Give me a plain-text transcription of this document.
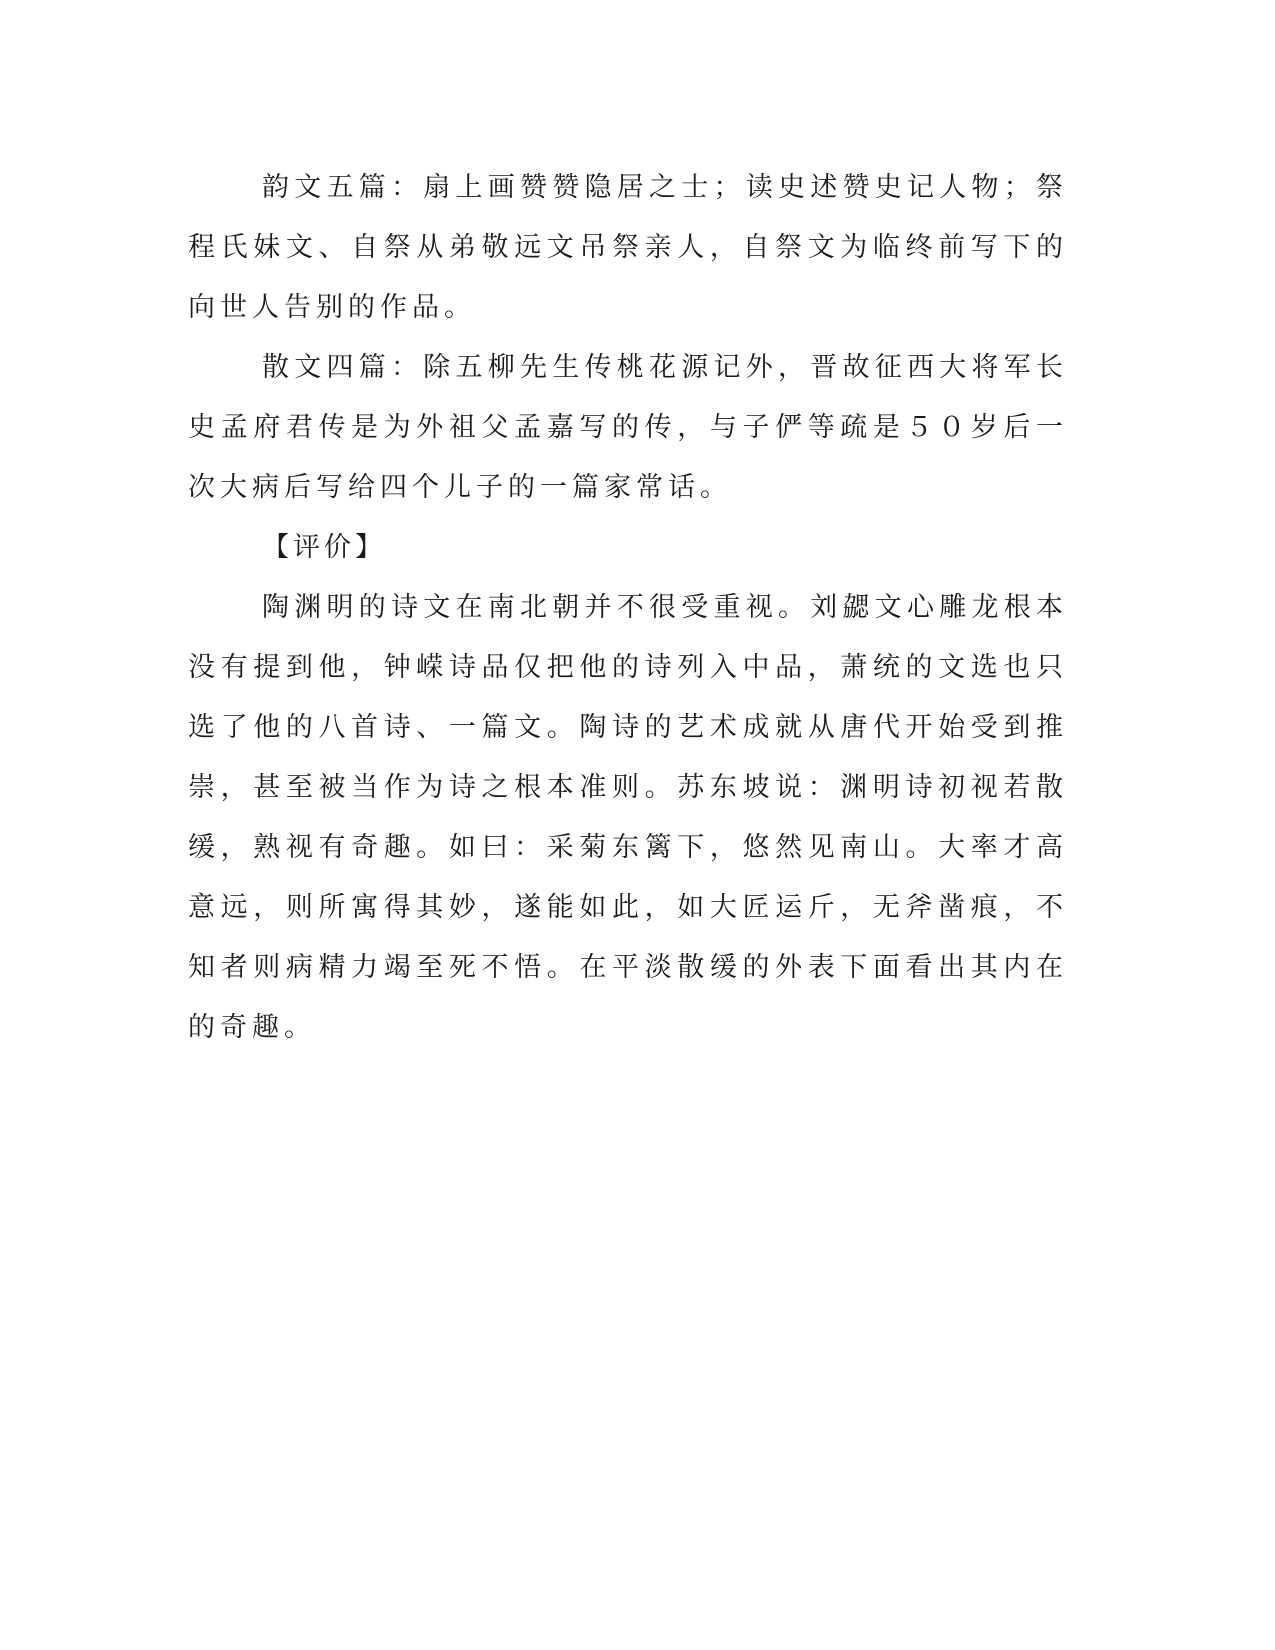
韵文五篇：扇上画赞赞隐居之士；读史述赞史记人物；祭程氏妹文、自祭从弟敬远文吊祭亲人，自祭文为临终前写下的向世人告别的作品。

散文四篇：除五柳先生传桃花源记外，晋故征西大将军长史孟府君传是为外祖父孟嘉写的传，与子俨等疏是５０岁后一次大病后写给四个儿子的一篇家常话。

【评价】

陶渊明的诗文在南北朝并不很受重视。刘勰文心雕龙根本没有提到他，钟嵘诗品仅把他的诗列入中品，萧统的文选也只选了他的八首诗、一篇文。陶诗的艺术成就从唐代开始受到推崇，甚至被当作为诗之根本准则。苏东坡说：渊明诗初视若散缓，熟视有奇趣。如曰：采菊东篱下，悠然见南山。大率才高意远，则所寓得其妙，遂能如此，如大匠运斤，无斧凿痕，不知者则病精力竭至死不悟。在平淡散缓的外表下面看出其内在的奇趣。
